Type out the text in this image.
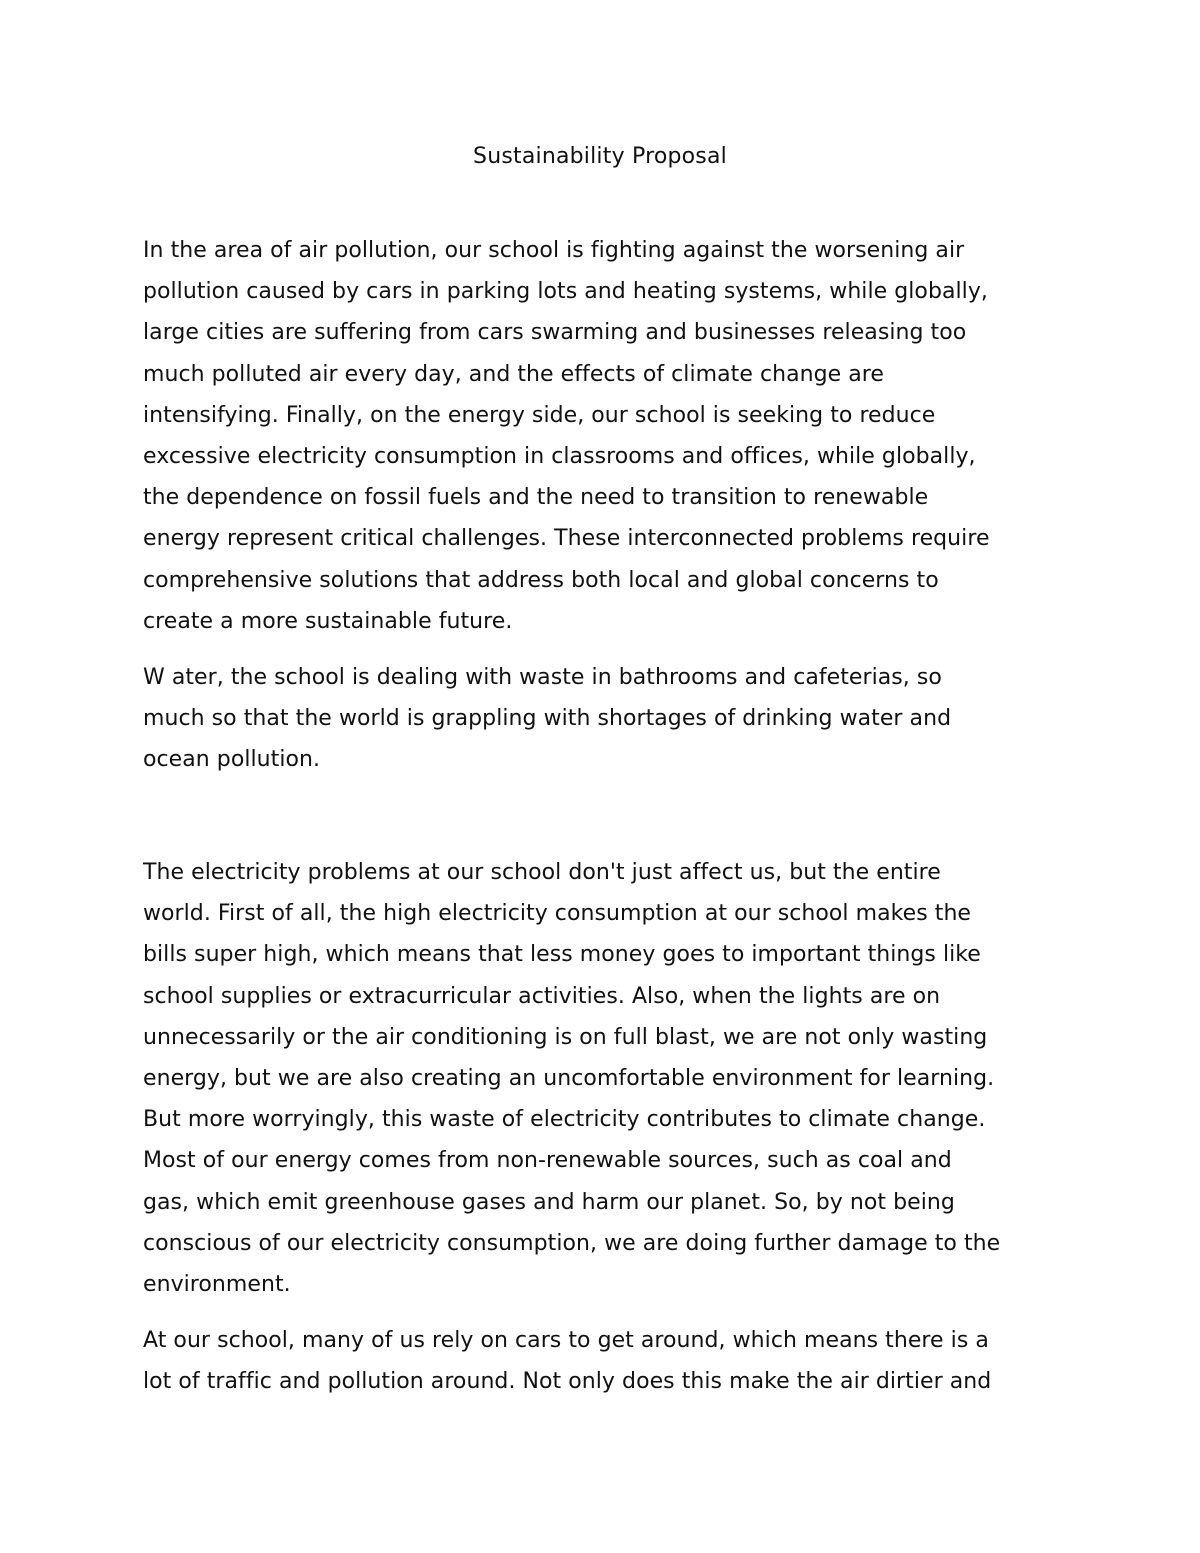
Sustainability Proposal
In the area of air pollution, our school is fighting against the worsening air
pollution caused by cars in parking lots and heating systems, while globally,
large cities are suffering from cars swarming and businesses releasing too
much polluted air every day, and the effects of climate change are
intensifying. Finally, on the energy side, our school is seeking to reduce
excessive electricity consumption in classrooms and offices, while globally,
the dependence on fossil fuels and the need to transition to renewable
energy represent critical challenges. These interconnected problems require
comprehensive solutions that address both local and global concerns to
create a more sustainable future.
W ater, the school is dealing with waste in bathrooms and cafeterias, so
much so that the world is grappling with shortages of drinking water and
ocean pollution.
The electricity problems at our school don't just affect us, but the entire
world. First of all, the high electricity consumption at our school makes the
bills super high, which means that less money goes to important things like
school supplies or extracurricular activities. Also, when the lights are on
unnecessarily or the air conditioning is on full blast, we are not only wasting
energy, but we are also creating an uncomfortable environment for learning.
But more worryingly, this waste of electricity contributes to climate change.
Most of our energy comes from non-renewable sources, such as coal and
gas, which emit greenhouse gases and harm our planet. So, by not being
conscious of our electricity consumption, we are doing further damage to the
environment.
At our school, many of us rely on cars to get around, which means there is a
lot of traffic and pollution around. Not only does this make the air dirtier and
